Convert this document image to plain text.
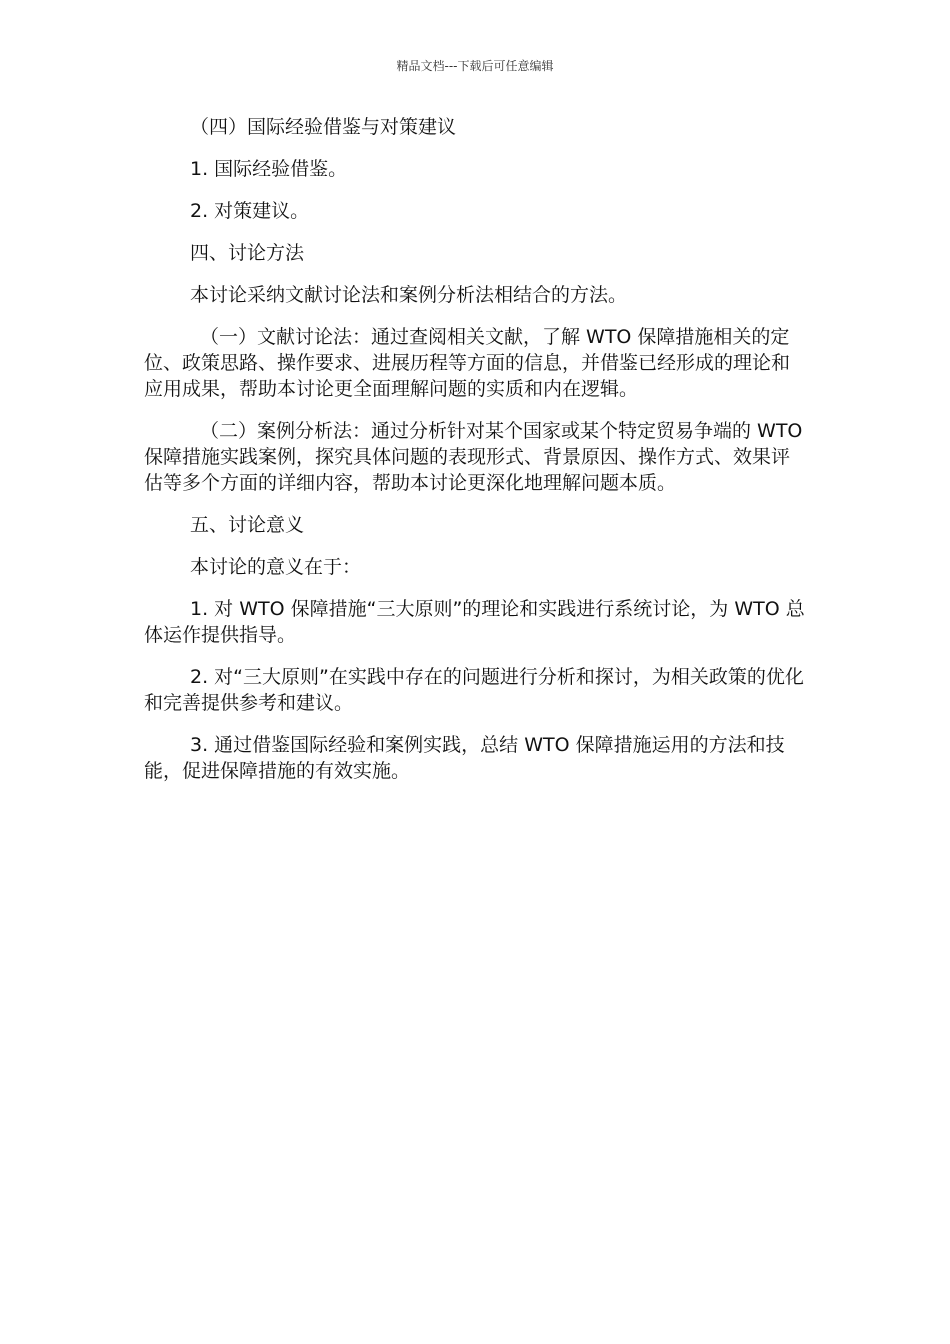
精品文档---下载后可任意编辑

（四）国际经验借鉴与对策建议

1. 国际经验借鉴。

2. 对策建议。

四、讨论方法

本讨论采纳文献讨论法和案例分析法相结合的方法。

（一）文献讨论法：通过查阅相关文献，了解 WTO 保障措施相关的定位、政策思路、操作要求、进展历程等方面的信息，并借鉴已经形成的理论和应用成果，帮助本讨论更全面理解问题的实质和内在逻辑。

（二）案例分析法：通过分析针对某个国家或某个特定贸易争端的 WTO 保障措施实践案例，探究具体问题的表现形式、背景原因、操作方式、效果评估等多个方面的详细内容，帮助本讨论更深化地理解问题本质。

五、讨论意义

本讨论的意义在于：

1. 对 WTO 保障措施“三大原则”的理论和实践进行系统讨论，为 WTO 总体运作提供指导。

2. 对“三大原则”在实践中存在的问题进行分析和探讨，为相关政策的优化和完善提供参考和建议。

3. 通过借鉴国际经验和案例实践，总结 WTO 保障措施运用的方法和技能，促进保障措施的有效实施。
